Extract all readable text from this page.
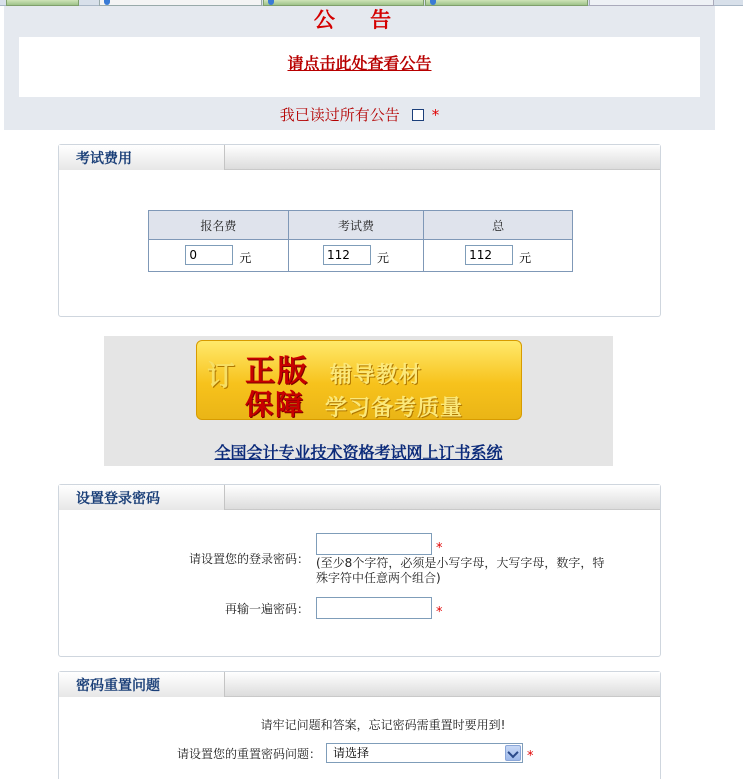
公 告
请点击此处查看公告
我已读过所有公告 *
考试费用
报名费	考试费	总
0 元	112 元	112 元
订 正版 辅导教材
保障 学习备考质量
全国会计专业技术资格考试网上订书系统
设置登录密码
请设置您的登录密码：
*
(至少8个字符，必须是小写字母，大写字母，数字，特殊字符中任意两个组合)
再输一遍密码：	*
密码重置问题
请牢记问题和答案，忘记密码需重置时要用到!
请设置您的重置密码问题：	请选择	*
